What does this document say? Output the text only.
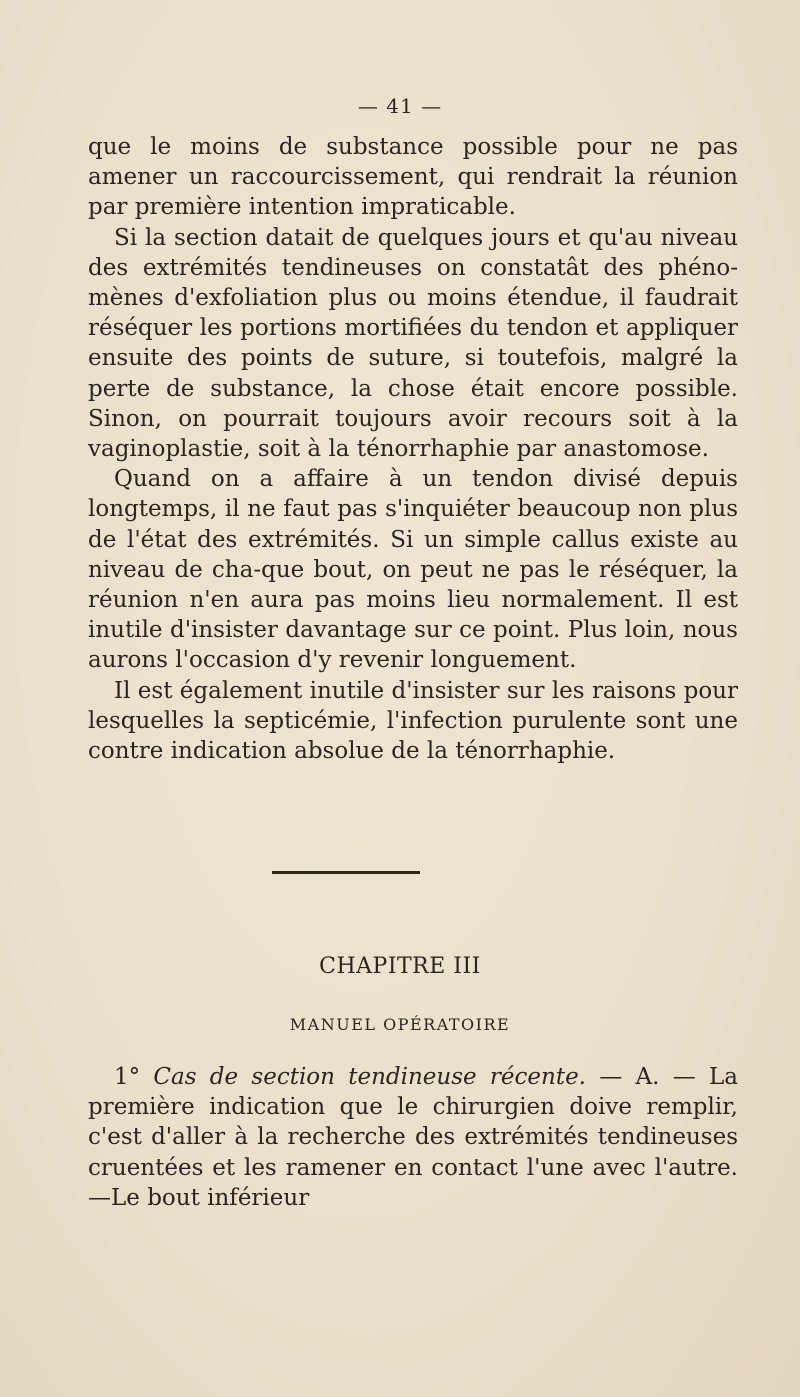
— 41 —

que le moins de substance possible pour ne pas amener un raccourcissement, qui rendrait la réunion par première intention impraticable.

Si la section datait de quelques jours et qu'au niveau des extrémités tendineuses on constatât des phéno-mènes d'exfoliation plus ou moins étendue, il faudrait réséquer les portions mortifiées du tendon et appliquer ensuite des points de suture, si toutefois, malgré la perte de substance, la chose était encore possible. Sinon, on pourrait toujours avoir recours soit à la vaginoplastie, soit à la ténorrhaphie par anastomose.

Quand on a affaire à un tendon divisé depuis longtemps, il ne faut pas s'inquiéter beaucoup non plus de l'état des extrémités. Si un simple callus existe au niveau de cha-que bout, on peut ne pas le réséquer, la réunion n'en aura pas moins lieu normalement. Il est inutile d'insister davantage sur ce point. Plus loin, nous aurons l'occasion d'y revenir longuement.

Il est également inutile d'insister sur les raisons pour lesquelles la septicémie, l'infection purulente sont une contre indication absolue de la ténorrhaphie.

CHAPITRE III
MANUEL OPÉRATOIRE

1° Cas de section tendineuse récente. — A. — La première indication que le chirurgien doive remplir, c'est d'aller à la recherche des extrémités tendineuses cruentées et les ramener en contact l'une avec l'autre.—Le bout inférieur
